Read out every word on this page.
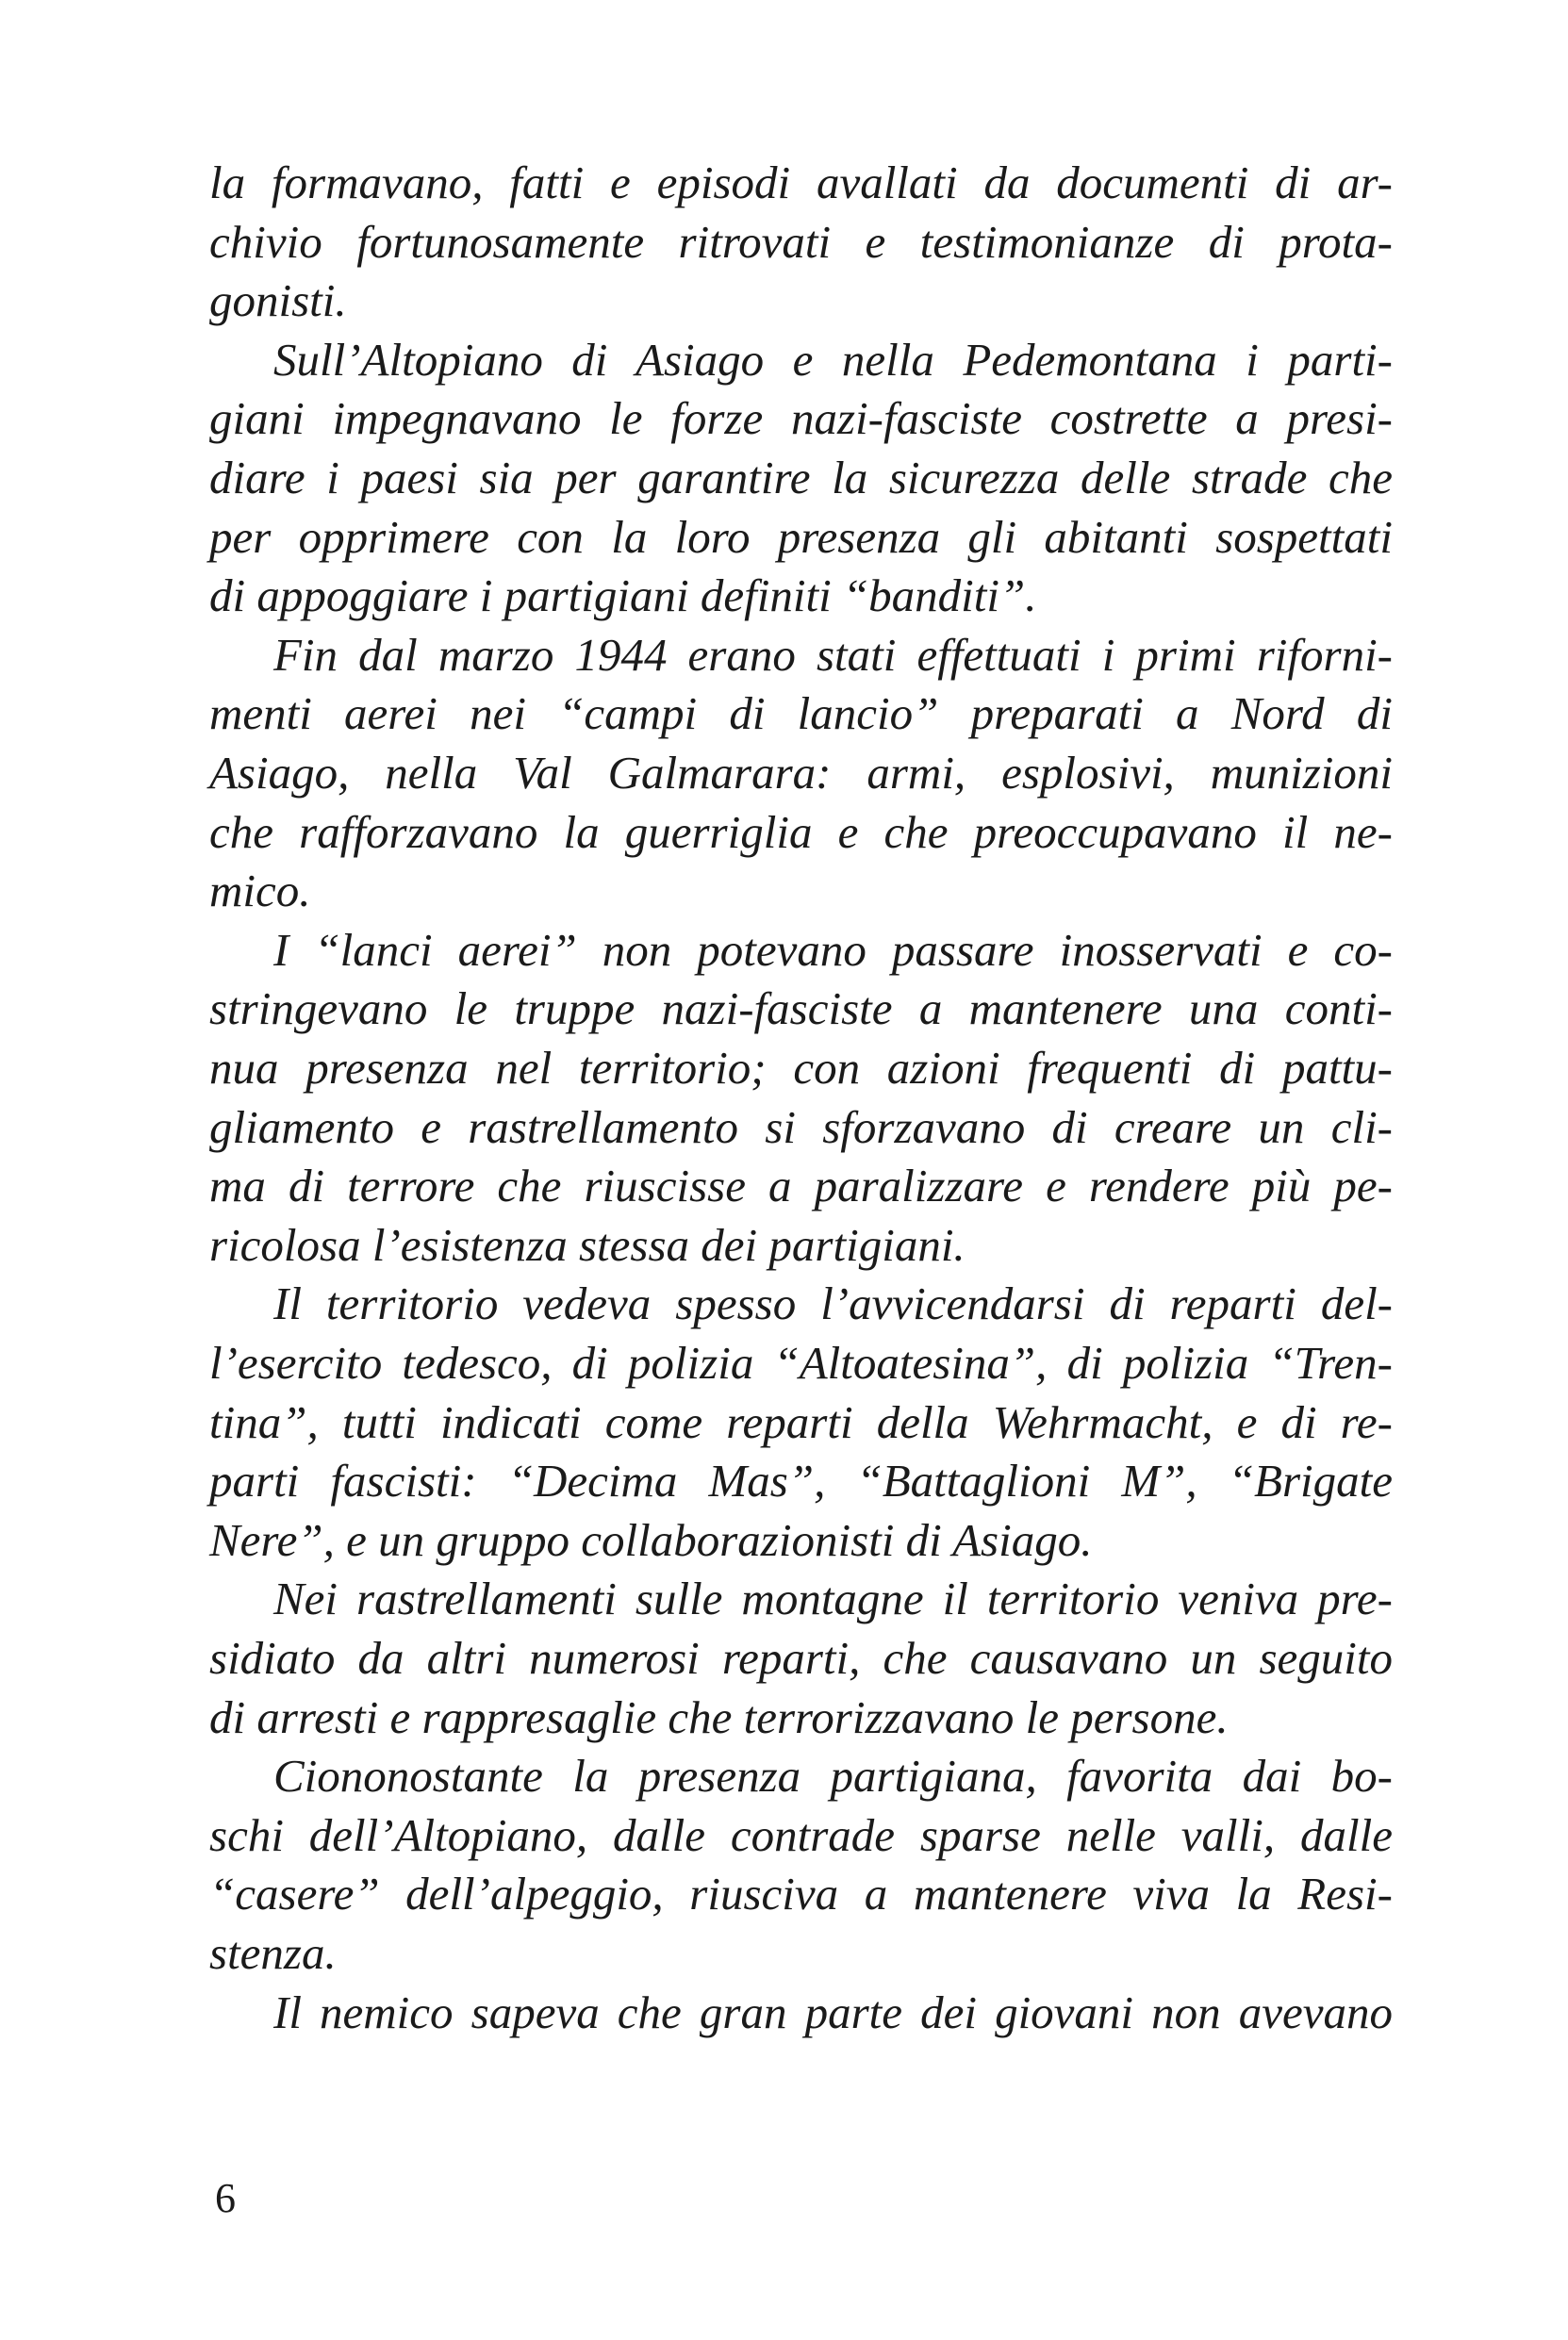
la formavano, fatti e episodi avallati da documenti di ar-
chivio fortunosamente ritrovati e testimonianze di prota-
gonisti.
Sull’Altopiano di Asiago e nella Pedemontana i parti-
giani impegnavano le forze nazi-fasciste costrette a presi-
diare i paesi sia per garantire la sicurezza delle strade che
per opprimere con la loro presenza gli abitanti sospettati
di appoggiare i partigiani definiti “banditi”.
Fin dal marzo 1944 erano stati effettuati i primi riforni-
menti aerei nei “campi di lancio” preparati a Nord di
Asiago, nella Val Galmarara: armi, esplosivi, munizioni
che rafforzavano la guerriglia e che preoccupavano il ne-
mico.
I “lanci aerei” non potevano passare inosservati e co-
stringevano le truppe nazi-fasciste a mantenere una conti-
nua presenza nel territorio; con azioni frequenti di pattu-
gliamento e rastrellamento si sforzavano di creare un cli-
ma di terrore che riuscisse a paralizzare e rendere più pe-
ricolosa l’esistenza stessa dei partigiani.
Il territorio vedeva spesso l’avvicendarsi di reparti del-
l’esercito tedesco, di polizia “Altoatesina”, di polizia “Tren-
tina”, tutti indicati come reparti della Wehrmacht, e di re-
parti fascisti: “Decima Mas”, “Battaglioni M”, “Brigate
Nere”, e un gruppo collaborazionisti di Asiago.
Nei rastrellamenti sulle montagne il territorio veniva pre-
sidiato da altri numerosi reparti, che causavano un seguito
di arresti e rappresaglie che terrorizzavano le persone.
Ciononostante la presenza partigiana, favorita dai bo-
schi dell’Altopiano, dalle contrade sparse nelle valli, dalle
“casere” dell’alpeggio, riusciva a mantenere viva la Resi-
stenza.
Il nemico sapeva che gran parte dei giovani non avevano
6
